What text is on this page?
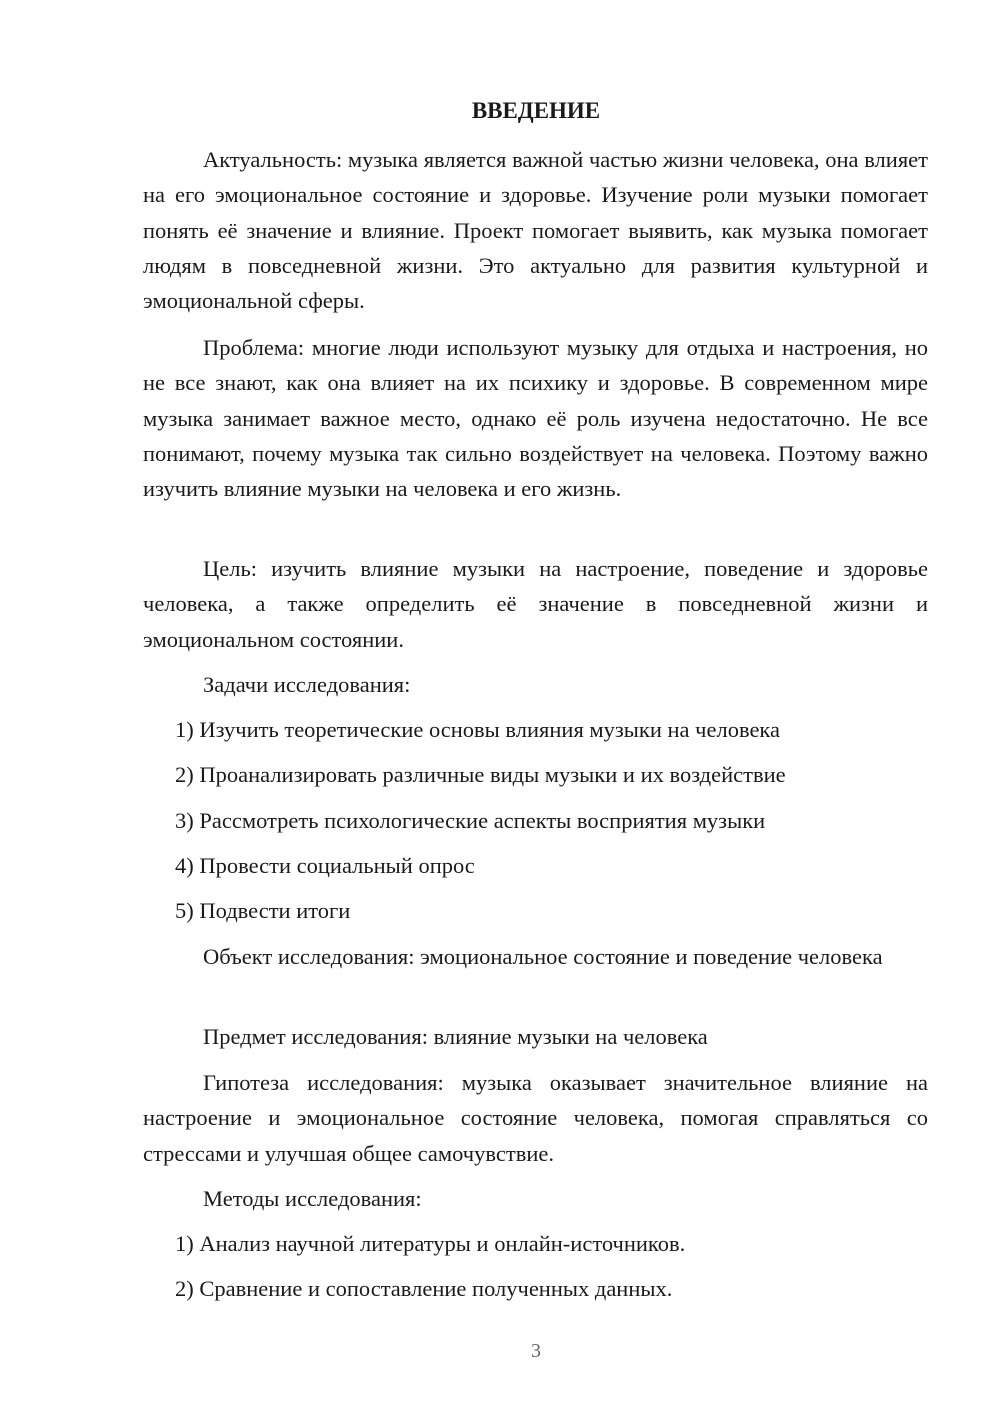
ВВЕДЕНИЕ

Актуальность: музыка является важной частью жизни человека, она влияет на его эмоциональное состояние и здоровье. Изучение роли музыки помогает понять её значение и влияние. Проект помогает выявить, как музыка помогает людям в повседневной жизни. Это актуально для развития культурной и эмоциональной сферы.

Проблема: многие люди используют музыку для отдыха и настроения, но не все знают, как она влияет на их психику и здоровье. В современном мире музыка занимает важное место, однако её роль изучена недостаточно. Не все понимают, почему музыка так сильно воздействует на человека. Поэтому важно изучить влияние музыки на человека и его жизнь.

Цель: изучить влияние музыки на настроение, поведение и здоровье человека, а также определить её значение в повседневной жизни и эмоциональном состоянии.

Задачи исследования:

1) Изучить теоретические основы влияния музыки на человека

2) Проанализировать различные виды музыки и их воздействие

3) Рассмотреть психологические аспекты восприятия музыки

4) Провести социальный опрос

5) Подвести итоги

Объект исследования: эмоциональное состояние и поведение человека

Предмет исследования: влияние музыки на человека

Гипотеза исследования: музыка оказывает значительное влияние на настроение и эмоциональное состояние человека, помогая справляться со стрессами и улучшая общее самочувствие.

Методы исследования:

1) Анализ научной литературы и онлайн-источников.

2) Сравнение и сопоставление полученных данных.

3
